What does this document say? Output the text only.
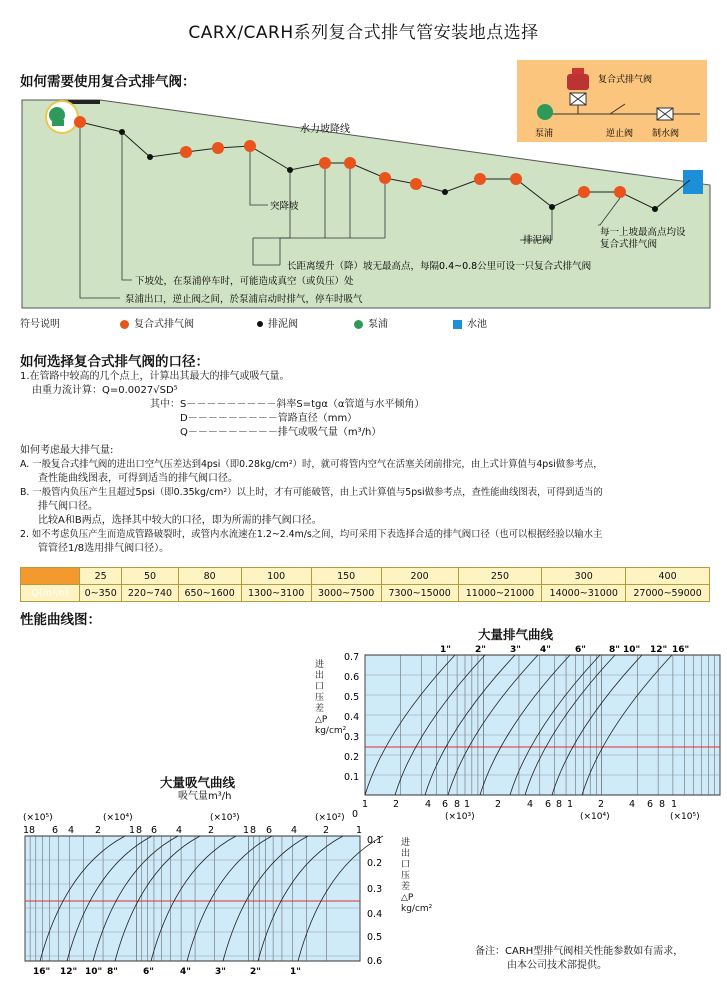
CARX/CARH系列复合式排气管安装地点选择
如何需要使用复合式排气阀：
水力坡降线
复合式排气阀
泵浦	逆止阀 制水阀
突降坡
长距离缓升（降）坡无最高点，每隔0.4~0.8公里可设一只复合式排气阀
下坡处，在泵浦停车时，可能造成真空（或负压）处
泵浦出口，逆止阀之间，於泵浦启动时排气，停车时吸气
排泥阀
每一上坡最高点均设
复合式排气阀
符号说明	复合式排气阀	排泥阀	泵浦	水池
如何选择复合式排气阀的口径：
1.在管路中较高的几个点上，计算出其最大的排气或吸气量。
由重力流计算：Q=0.0027√SD⁵
其中：S－－－－－－－－－斜率S=tgα（α管道与水平倾角）
D－－－－－－－－－管路直径（mm）
Q－－－－－－－－－排气或吸气量（m³/h）
如何考虑最大排气量:
A. 一般复合式排气阀的进出口空气压差达到4psi（即0.28kg/cm²）时，就可将管内空气在活塞关闭前排完，由上式计算值与4psi做参考点，
查性能曲线图表，可得到适当的排气阀口径。
B. 一般管内负压产生且超过5psi（即0.35kg/cm²）以上时，才有可能破管，由上式计算值与5psi做参考点，查性能曲线图表，可得到适当的
排气阀口径。
比较A和B两点，选择其中较大的口径，即为所需的排气阀口径。
2. 如不考虑负压产生而造成管路破裂时，或管内水流速在1.2~2.4m/s之间，均可采用下表选择合适的排气阀口径（也可以根据经验以输水主
管管径1/8选用排气阀口径）。
	25	50	80	100	150	200	250	300	400
Q(m³/h)	0~350	220~740	650~1600	1300~3100	3000~7500	7300~15000	11000~21000	14000~31000	27000~59000
性能曲线图：
大量排气曲线
进出口压差△P kg/cm²
0.7
0.6
0.5
0.4
0.3
0.2
0.1
0
1"	2"	3" 4"	6"	8" 10" 12" 16"
1	2	4 6 8 1	2	4 6 8 1	2	4 6 8 1
(×10³)	(×10⁴)	(×10⁵)
大量吸气曲线
吸气量m³/h
进出口压差△P kg/cm²
(×10⁵)	(×10⁴)	(×10³)	(×10²)
18 6 4 2	1 8 6 4	2	1 8 6 4	2	1
0.1
0.2
0.3
0.4
0.5
0.6
16" 12" 10" 8"	6"	4"	3"	2"	1"
备注：CARH型排气阀相关性能参数如有需求，
由本公司技术部提供。
